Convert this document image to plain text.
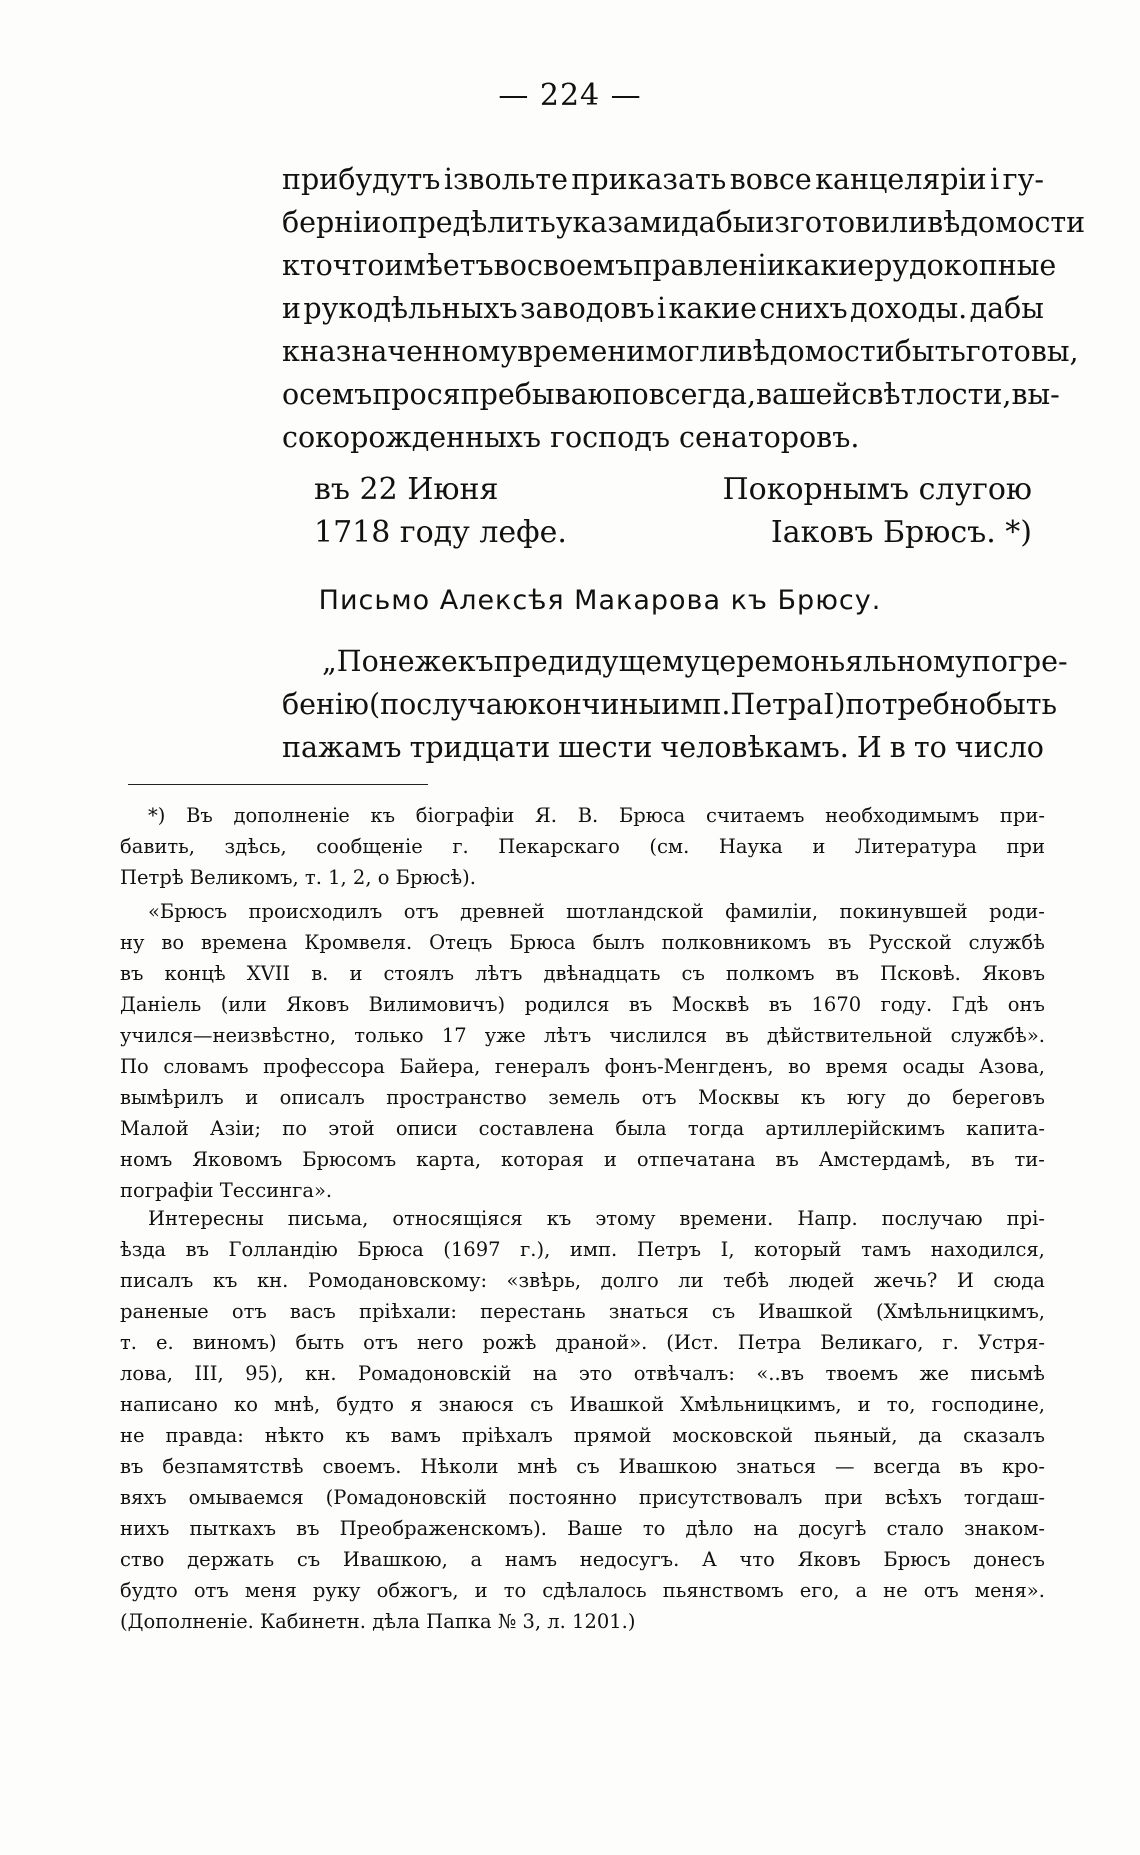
— 224 —
прибудутъ ізвольте приказать вовсе канцеляріи і гу-
берніи опредѣлить указами дабы изготовили вѣдомости
кто что имѣетъ во своемъ правленіи какие рудокопные
и рукодѣльныхъ заводовъ і какие сниxъ доходы. дабы
к назначенному времени могли вѣдомости быть готовы,
о семъ прося пребываю повсегда, вашей свѣтлости, вы-
сокорожденныхъ господъ сенаторовъ.
въ 22 Июня	Покорнымъ слугою
1718 году лефе.	Іаковъ Брюсъ. *)
Письмо Алексѣя Макарова къ Брюсу.
„Понеже къ предидущему церемоньяльному погре-
бенію (по случаю кончины имп. Петра I) потребно быть
пажамъ тридцати шести человѣкамъ. И в то число
*) Въ дополненіе къ біографіи Я. В. Брюса считаемъ необходимымъ при-
бавить, здѣсь, сообщеніе г. Пекарскаго (см. Наука и Литература при
Петрѣ Великомъ, т. 1, 2, о Брюсѣ).
«Брюсъ происходилъ отъ древней шотландской фамиліи, покинувшей роди-
ну во времена Кромвеля. Отецъ Брюса былъ полковникомъ въ Русской службѣ
въ концѣ XVII в. и стоялъ лѣтъ двѣнадцать съ полкомъ въ Псковѣ. Яковъ
Даніель (или Яковъ Вилимовичъ) родился въ Москвѣ въ 1670 году. Гдѣ онъ
учился—неизвѣстно, только 17 уже лѣтъ числился въ дѣйствительной службѣ».
По словамъ профессора Байера, генералъ фонъ-Менгденъ, во время осады Азова,
вымѣрилъ и описалъ пространство земель отъ Москвы къ югу до береговъ
Малой Азіи; по этой описи составлена была тогда артиллерійскимъ капита-
номъ Яковомъ Брюсомъ карта, которая и отпечатана въ Амстердамѣ, въ ти-
пографіи Тессинга».
Интересны письма, относящіяся къ этому времени. Напр. послучаю прі-
ѣзда въ Голландію Брюса (1697 г.), имп. Петръ I, который тамъ находился,
писалъ къ кн. Ромодановскому: «звѣрь, долго ли тебѣ людей жечь? И сюда
раненые отъ васъ пріѣхали: перестань знаться съ Ивашкой (Хмѣльницкимъ,
т. е. виномъ) быть отъ него рожѣ драной». (Ист. Петра Великаго, г. Устря-
лова, III, 95), кн. Ромадоновскій на это отвѣчалъ: «..въ твоемъ же письмѣ
написано ко мнѣ, будто я знаюся съ Ивашкой Хмѣльницкимъ, и то, господине,
не правда: нѣкто къ вамъ пріѣхалъ прямой московской пьяный, да сказалъ
въ безпамятствѣ своемъ. Нѣколи мнѣ съ Ивашкою знаться — всегда въ кро-
вяхъ омываемся (Ромадоновскій постоянно присутствовалъ при всѣхъ тогдаш-
нихъ пыткахъ въ Преображенскомъ). Ваше то дѣло на досугѣ стало знаком-
ство держать съ Ивашкою, а намъ недосугъ. А что Яковъ Брюсъ донесъ
будто отъ меня руку обжогъ, и то сдѣлалось пьянствомъ его, а не отъ меня».
(Дополненіе. Кабинетн. дѣла Папка № 3, л. 1201.)
